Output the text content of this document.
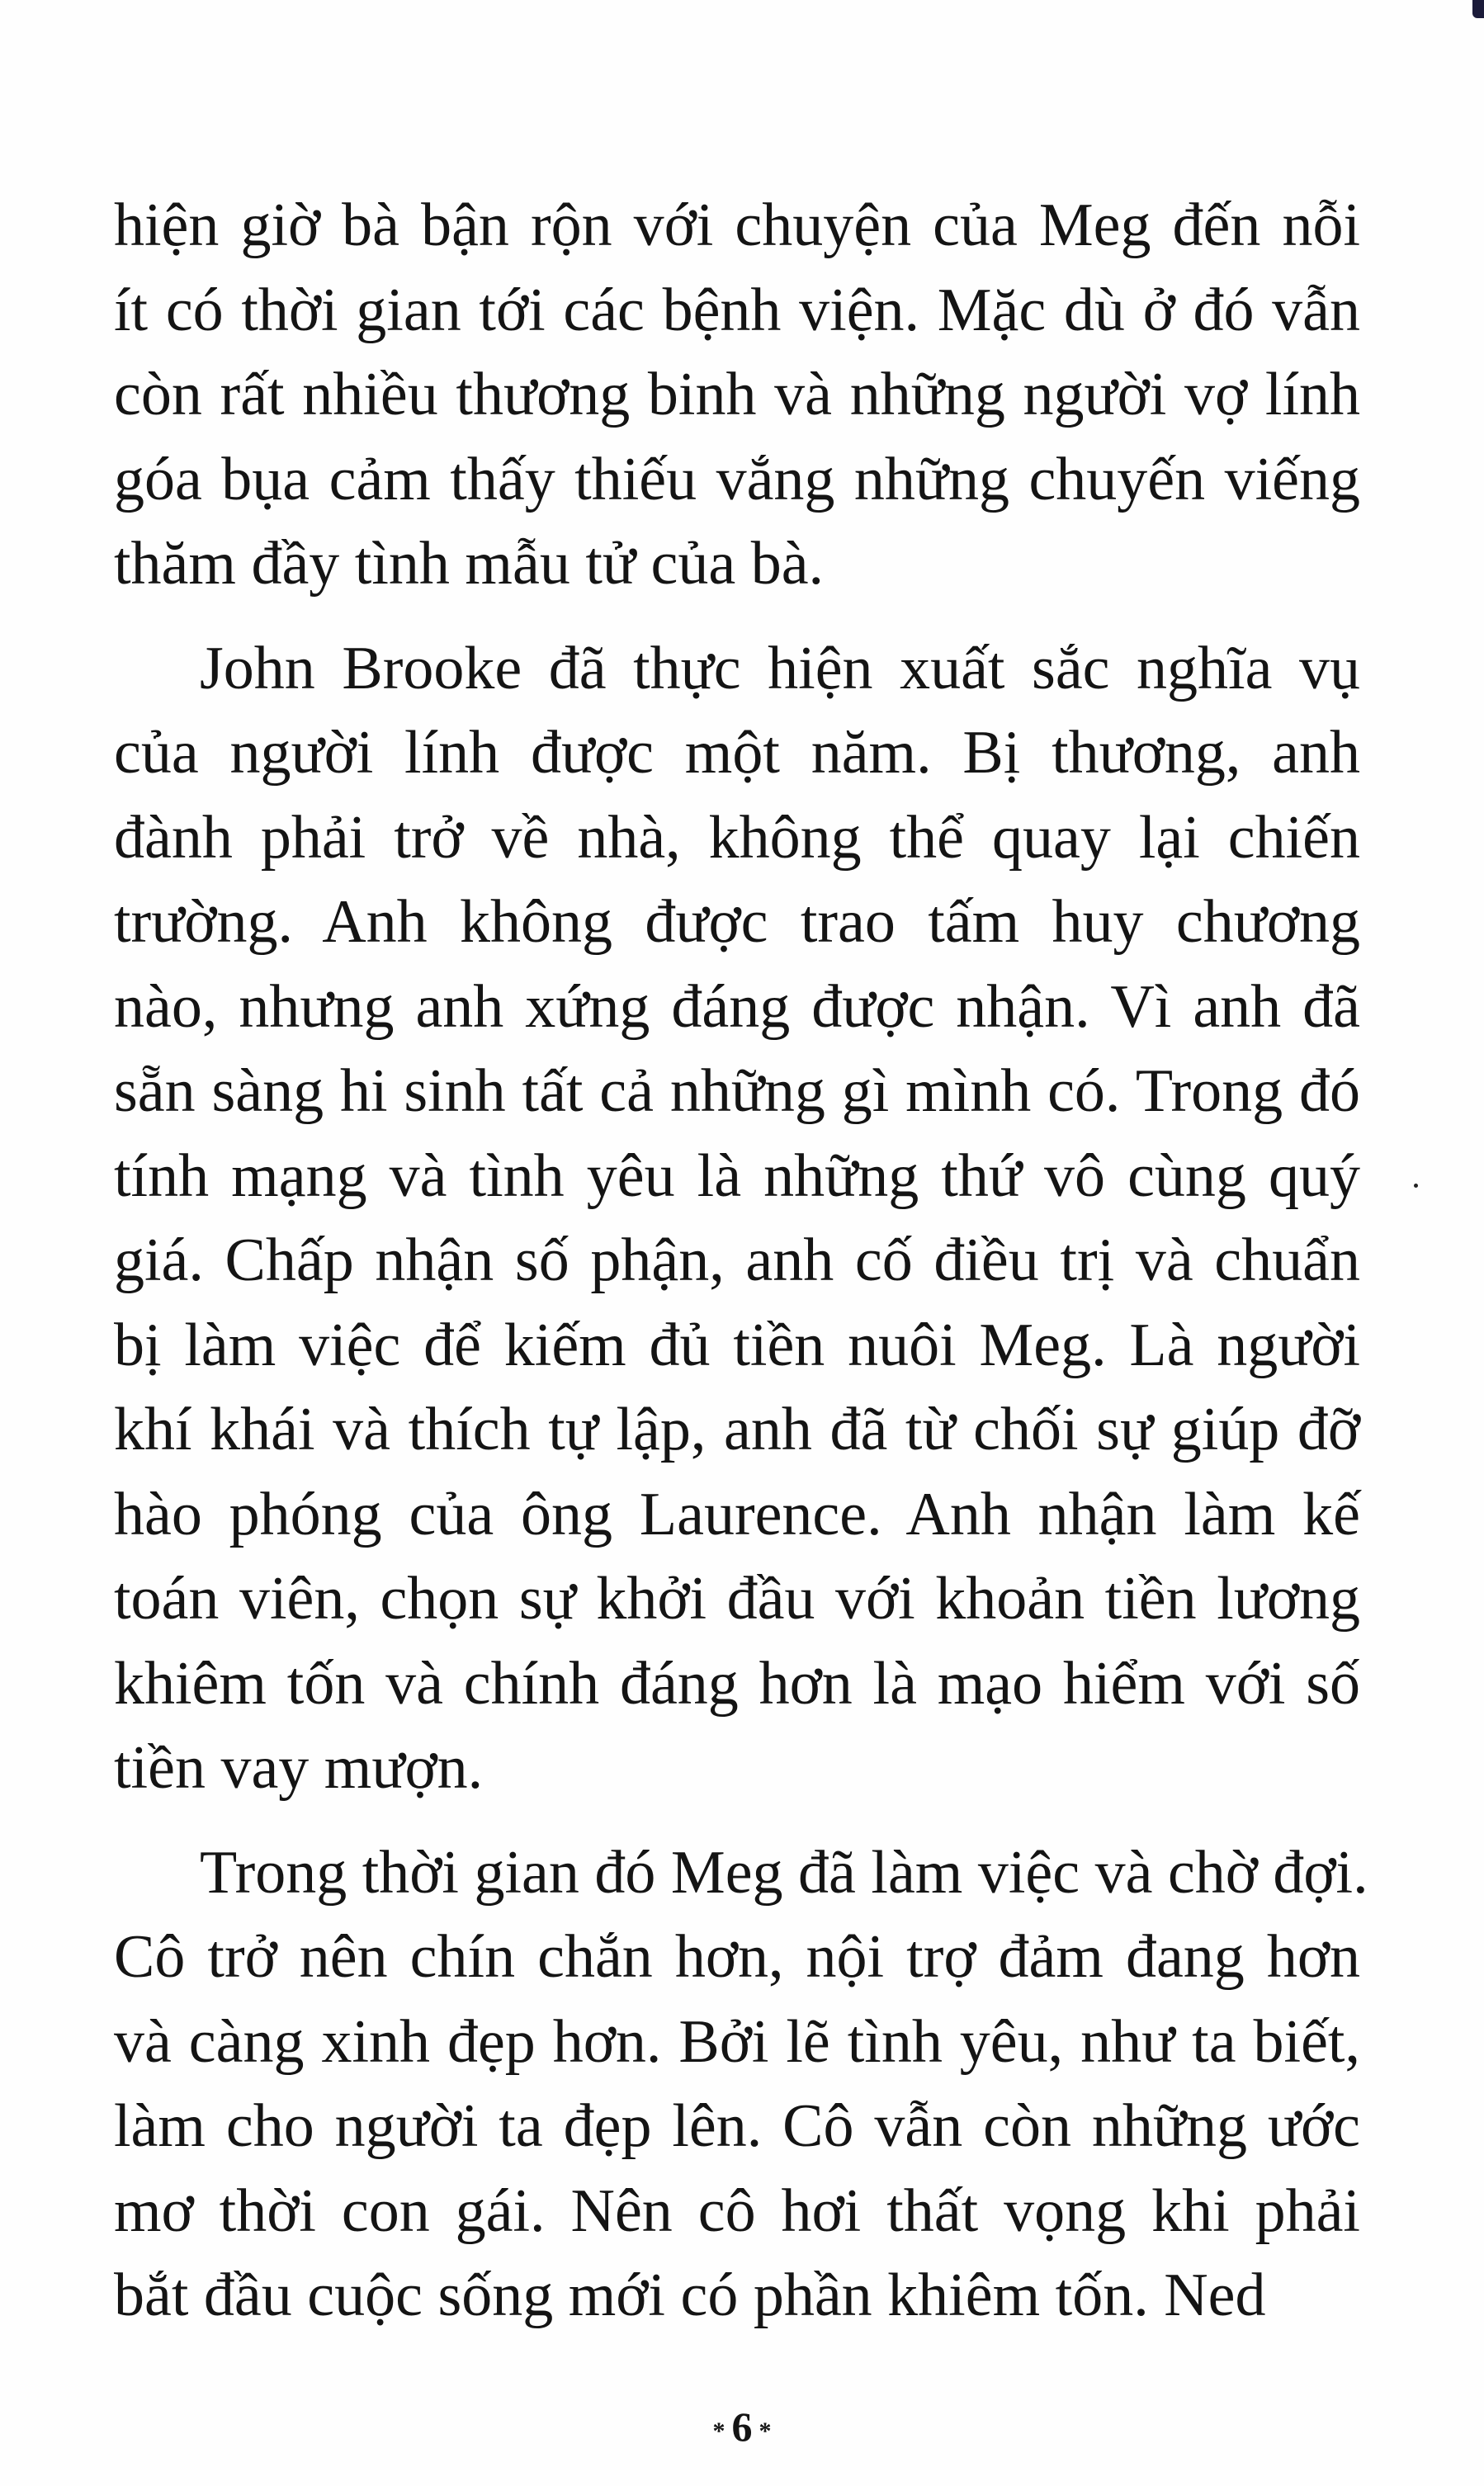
hiện giờ bà bận rộn với chuyện của Meg đến nỗi
ít có thời gian tới các bệnh viện. Mặc dù ở đó vẫn
còn rất nhiều thương binh và những người vợ lính
góa bụa cảm thấy thiếu vắng những chuyến viếng
thăm đầy tình mẫu tử của bà.
John Brooke đã thực hiện xuất sắc nghĩa vụ
của người lính được một năm. Bị thương, anh
đành phải trở về nhà, không thể quay lại chiến
trường. Anh không được trao tấm huy chương
nào, nhưng anh xứng đáng được nhận. Vì anh đã
sẵn sàng hi sinh tất cả những gì mình có. Trong đó
tính mạng và tình yêu là những thứ vô cùng quý
giá. Chấp nhận số phận, anh cố điều trị và chuẩn
bị làm việc để kiếm đủ tiền nuôi Meg. Là người
khí khái và thích tự lập, anh đã từ chối sự giúp đỡ
hào phóng của ông Laurence. Anh nhận làm kế
toán viên, chọn sự khởi đầu với khoản tiền lương
khiêm tốn và chính đáng hơn là mạo hiểm với số
tiền vay mượn.
Trong thời gian đó Meg đã làm việc và chờ đợi.
Cô trở nên chín chắn hơn, nội trợ đảm đang hơn
và càng xinh đẹp hơn. Bởi lẽ tình yêu, như ta biết,
làm cho người ta đẹp lên. Cô vẫn còn những ước
mơ thời con gái. Nên cô hơi thất vọng khi phải
bắt đầu cuộc sống mới có phần khiêm tốn. Ned
* 6 *
